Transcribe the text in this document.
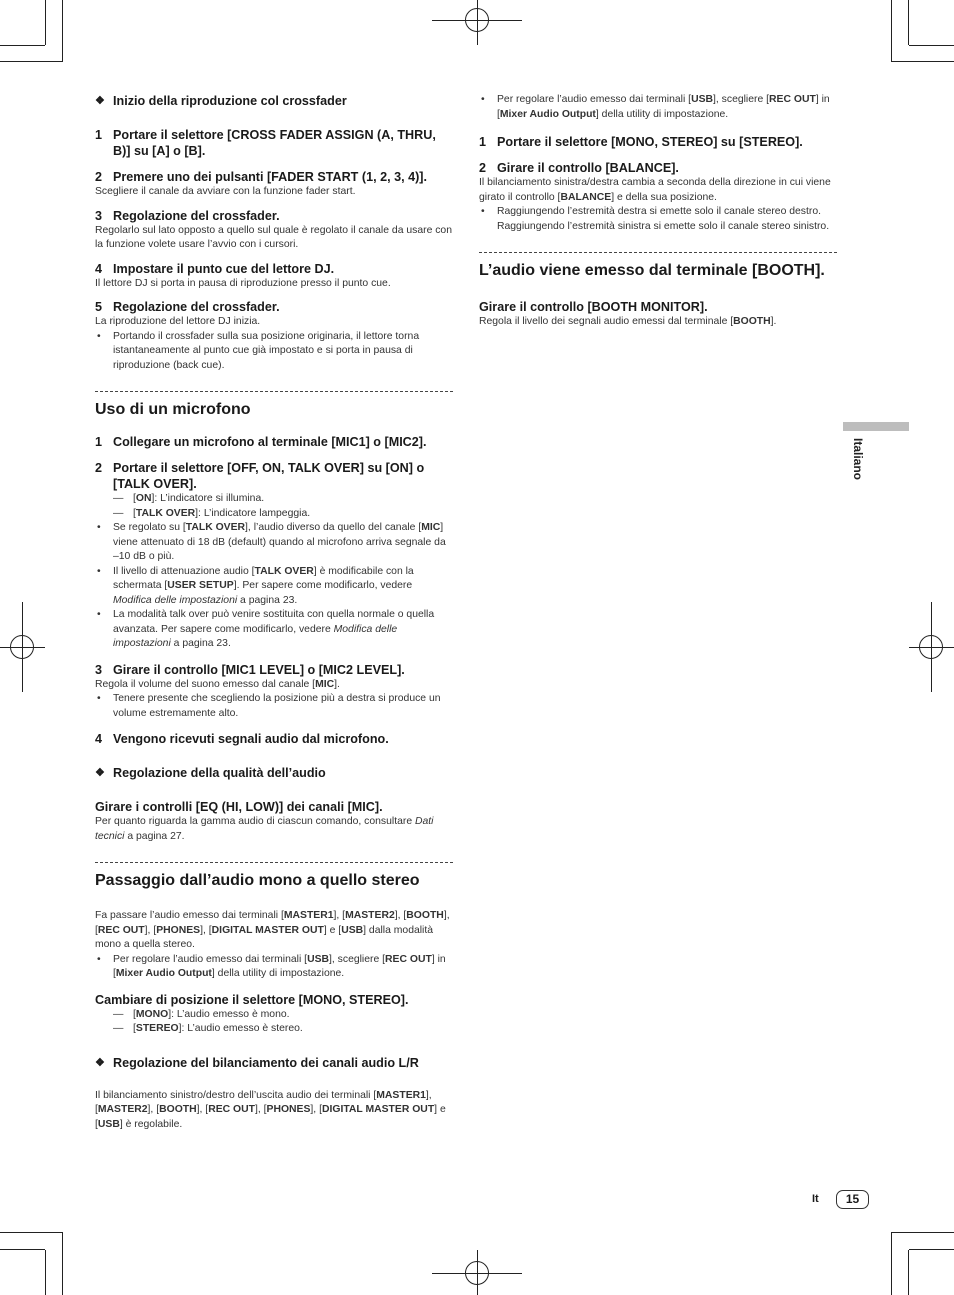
❖ Inizio della riproduzione col crossfader

1 Portare il selettore [CROSS FADER ASSIGN (A, THRU, B)] su [A] o [B].

2 Premere uno dei pulsanti [FADER START (1, 2, 3, 4)].

Scegliere il canale da avviare con la funzione fader start.

3 Regolazione del crossfader.

Regolarlo sul lato opposto a quello sul quale è regolato il canale da usare con la funzione volete usare l’avvio con i cursori.

4 Impostare il punto cue del lettore DJ.

Il lettore DJ si porta in pausa di riproduzione presso il punto cue.

5 Regolazione del crossfader.

La riproduzione del lettore DJ inizia.

• Portando il crossfader sulla sua posizione originaria, il lettore torna istantaneamente al punto cue già impostato e si porta in pausa di riproduzione (back cue).

Uso di un microfono

1 Collegare un microfono al terminale [MIC1] o [MIC2].

2 Portare il selettore [OFF, ON, TALK OVER] su [ON] o [TALK OVER].

— [ON]: L’indicatore si illumina.

— [TALK OVER]: L’indicatore lampeggia.

• Se regolato su [TALK OVER], l’audio diverso da quello del canale [MIC] viene attenuato di 18 dB (default) quando al microfono arriva segnale da –10 dB o più.

• Il livello di attenuazione audio [TALK OVER] è modificabile con la schermata [USER SETUP]. Per sapere come modificarlo, vedere Modifica delle impostazioni a pagina 23.

• La modalità talk over può venire sostituita con quella normale o quella avanzata. Per sapere come modificarlo, vedere Modifica delle impostazioni a pagina 23.

3 Girare il controllo [MIC1 LEVEL] o [MIC2 LEVEL].

Regola il volume del suono emesso dal canale [MIC].

• Tenere presente che scegliendo la posizione più a destra si produce un volume estremamente alto.

4 Vengono ricevuti segnali audio dal microfono.

❖ Regolazione della qualità dell’audio

Girare i controlli [EQ (HI, LOW)] dei canali [MIC].

Per quanto riguarda la gamma audio di ciascun comando, consultare Dati tecnici a pagina 27.

Passaggio dall’audio mono a quello stereo

Fa passare l’audio emesso dai terminali [MASTER1], [MASTER2], [BOOTH], [REC OUT], [PHONES], [DIGITAL MASTER OUT] e [USB] dalla modalità mono a quella stereo.

• Per regolare l’audio emesso dai terminali [USB], scegliere [REC OUT] in [Mixer Audio Output] della utility di impostazione.

Cambiare di posizione il selettore [MONO, STEREO].

— [MONO]: L’audio emesso è mono.

— [STEREO]: L’audio emesso è stereo.

❖ Regolazione del bilanciamento dei canali audio L/R

Il bilanciamento sinistro/destro dell’uscita audio dei terminali [MASTER1], [MASTER2], [BOOTH], [REC OUT], [PHONES], [DIGITAL MASTER OUT] e [USB] è regolabile.

• Per regolare l’audio emesso dai terminali [USB], scegliere [REC OUT] in [Mixer Audio Output] della utility di impostazione.

1 Portare il selettore [MONO, STEREO] su [STEREO].

2 Girare il controllo [BALANCE].

Il bilanciamento sinistra/destra cambia a seconda della direzione in cui viene girato il controllo [BALANCE] e della sua posizione.

• Raggiungendo l’estremità destra si emette solo il canale stereo destro. Raggiungendo l’estremità sinistra si emette solo il canale stereo sinistro.

L’audio viene emesso dal terminale [BOOTH].

Girare il controllo [BOOTH MONITOR].

Regola il livello dei segnali audio emessi dal terminale [BOOTH].

Italiano
It	15
